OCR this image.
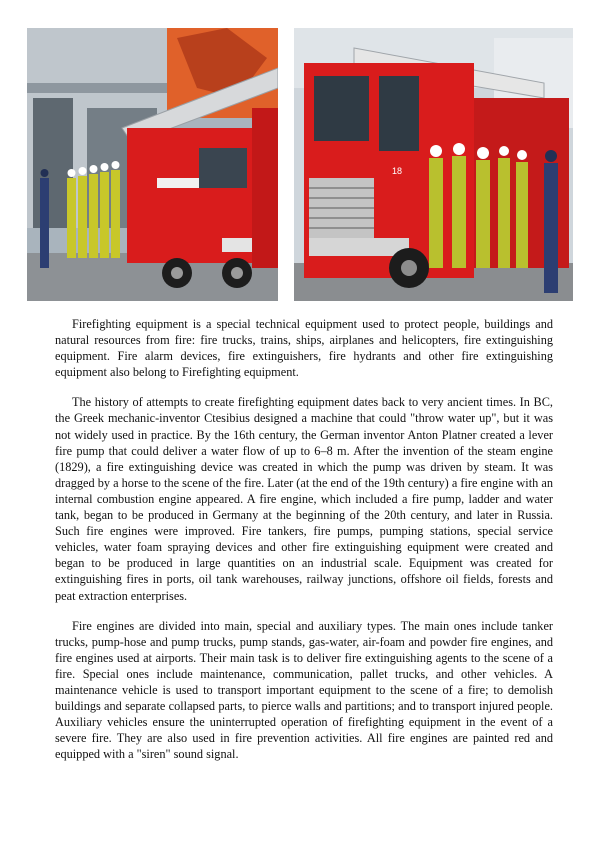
18

Firefighting equipment is a special technical equipment used to protect people, buildings and natural resources from fire: fire trucks, trains, ships, airplanes and helicopters, fire extinguishing equipment. Fire alarm devices, fire extinguishers, fire hydrants and other fire extinguishing equipment also belong to Firefighting equipment.

The history of attempts to create firefighting equipment dates back to very ancient times. In BC, the Greek mechanic-inventor Ctesibius designed a machine that could "throw water up", but it was not widely used in practice. By the 16th century, the German inventor Anton Platner created a lever fire pump that could deliver a water flow of up to 6–8 m. After the invention of the steam engine (1829), a fire extinguishing device was created in which the pump was driven by steam. It was dragged by a horse to the scene of the fire. Later (at the end of the 19th century) a fire engine with an internal combustion engine appeared. A fire engine, which included a fire pump, ladder and water tank, began to be produced in Germany at the beginning of the 20th century, and later in Russia. Such fire engines were improved. Fire tankers, fire pumps, pumping stations, special service vehicles, water foam spraying devices and other fire extinguishing equipment were created and began to be produced in large quantities on an industrial scale. Equipment was created for extinguishing fires in ports, oil tank warehouses, railway junctions, offshore oil fields, forests and peat extraction enterprises.

Fire engines are divided into main, special and auxiliary types. The main ones include tanker trucks, pump-hose and pump trucks, pump stands, gas-water, air-foam and powder fire engines, and fire engines used at airports. Their main task is to deliver fire extinguishing agents to the scene of a fire. Special ones include maintenance, communication, pallet trucks, and other vehicles. A maintenance vehicle is used to transport important equipment to the scene of a fire; to demolish buildings and separate collapsed parts, to pierce walls and partitions; and to transport injured people. Auxiliary vehicles ensure the uninterrupted operation of firefighting equipment in the event of a severe fire. They are also used in fire prevention activities. All fire engines are painted red and equipped with a "siren" sound signal.
